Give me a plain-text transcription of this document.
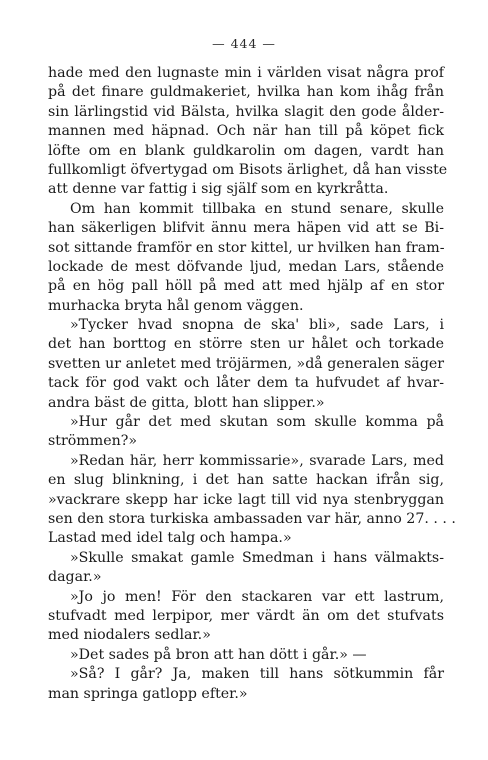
— 444 —
hade med den lugnaste min i världen visat några prof
på det finare guldmakeriet, hvilka han kom ihåg från
sin lärlingstid vid Bälsta, hvilka slagit den gode ålder-
mannen med häpnad. Och när han till på köpet fick
löfte om en blank guldkarolin om dagen, vardt han
fullkomligt öfvertygad om Bisots ärlighet, då han visste
att denne var fattig i sig själf som en kyrkråtta.
Om han kommit tillbaka en stund senare, skulle
han säkerligen blifvit ännu mera häpen vid att se Bi-
sot sittande framför en stor kittel, ur hvilken han fram-
lockade de mest döfvande ljud, medan Lars, stående
på en hög pall höll på med att med hjälp af en stor
murhacka bryta hål genom väggen.
»Tycker hvad snopna de ska' bli», sade Lars, i
det han borttog en större sten ur hålet och torkade
svetten ur anletet med tröjärmen, »då generalen säger
tack för god vakt och låter dem ta hufvudet af hvar-
andra bäst de gitta, blott han slipper.»
»Hur går det med skutan som skulle komma på
strömmen?»
»Redan här, herr kommissarie», svarade Lars, med
en slug blinkning, i det han satte hackan ifrån sig,
»vackrare skepp har icke lagt till vid nya stenbryggan
sen den stora turkiska ambassaden var här, anno 27. . . .
Lastad med idel talg och hampa.»
»Skulle smakat gamle Smedman i hans välmakts-
dagar.»
»Jo jo men! För den stackaren var ett lastrum,
stufvadt med lerpipor, mer värdt än om det stufvats
med niodalers sedlar.»
»Det sades på bron att han dött i går.» —
»Så? I går? Ja, maken till hans sötkummin får
man springa gatlopp efter.»
